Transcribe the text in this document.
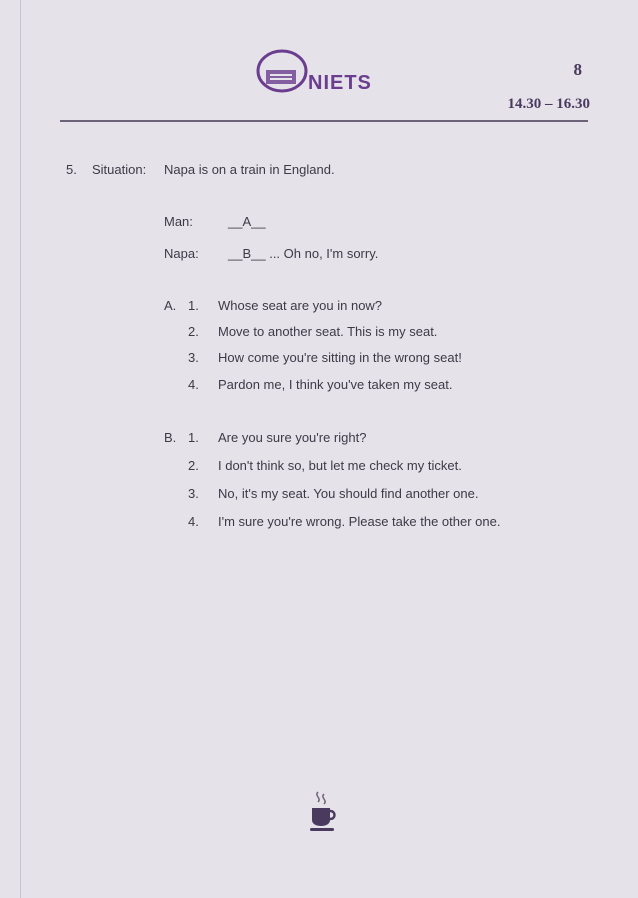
NIETS
8
14.30 – 16.30
5. Situation: Napa is on a train in England.
Man:	__A__
Napa: __B__ ... Oh no, I'm sorry.
A. 1. Whose seat are you in now?
2. Move to another seat. This is my seat.
3. How come you're sitting in the wrong seat!
4. Pardon me, I think you've taken my seat.
B. 1. Are you sure you're right?
2. I don't think so, but let me check my ticket.
3. No, it's my seat. You should find another one.
4. I'm sure you're wrong. Please take the other one.
